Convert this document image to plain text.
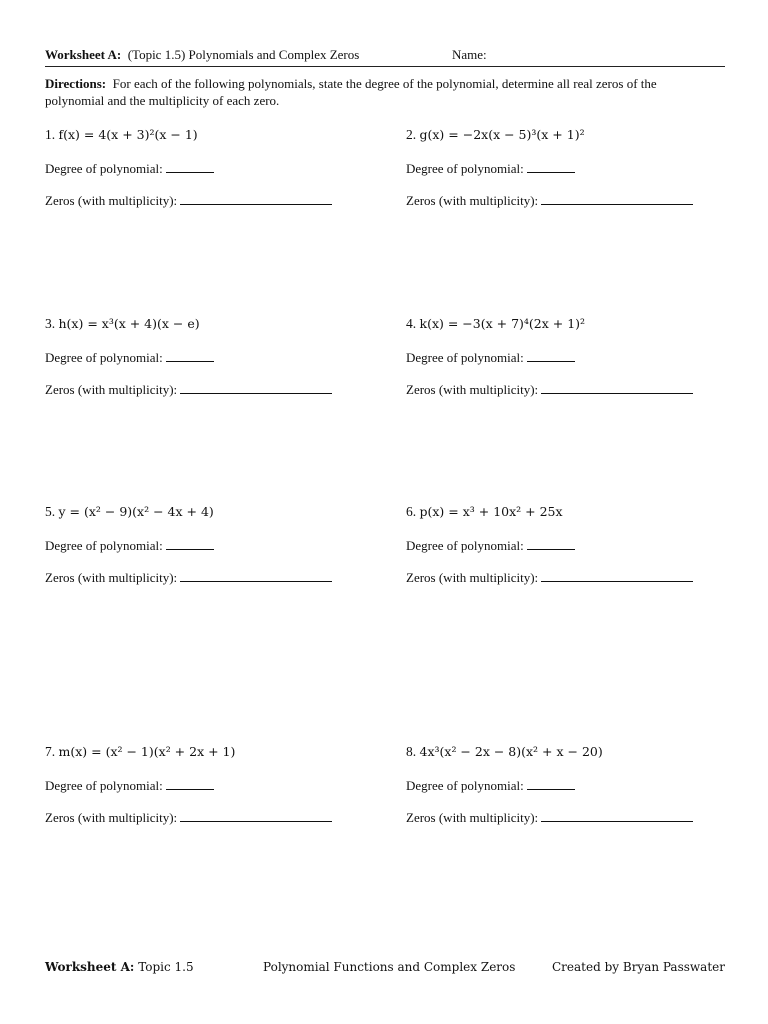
Worksheet A: (Topic 1.5) Polynomials and Complex Zeros	Name:
Directions: For each of the following polynomials, state the degree of the polynomial, determine all real zeros of the polynomial and the multiplicity of each zero.
1. f(x) = 4(x + 3)²(x − 1)
Degree of polynomial:
Zeros (with multiplicity):
2. g(x) = −2x(x − 5)³(x + 1)²
Degree of polynomial:
Zeros (with multiplicity):
3. h(x) = x³(x + 4)(x − e)
Degree of polynomial:
Zeros (with multiplicity):
4. k(x) = −3(x + 7)⁴(2x + 1)²
Degree of polynomial:
Zeros (with multiplicity):
5. y = (x² − 9)(x² − 4x + 4)
Degree of polynomial:
Zeros (with multiplicity):
6. p(x) = x³ + 10x² + 25x
Degree of polynomial:
Zeros (with multiplicity):
7. m(x) = (x² − 1)(x² + 2x + 1)
Degree of polynomial:
Zeros (with multiplicity):
8. 4x³(x² − 2x − 8)(x² + x − 20)
Degree of polynomial:
Zeros (with multiplicity):
Worksheet A: Topic 1.5	Polynomial Functions and Complex Zeros	Created by Bryan Passwater
